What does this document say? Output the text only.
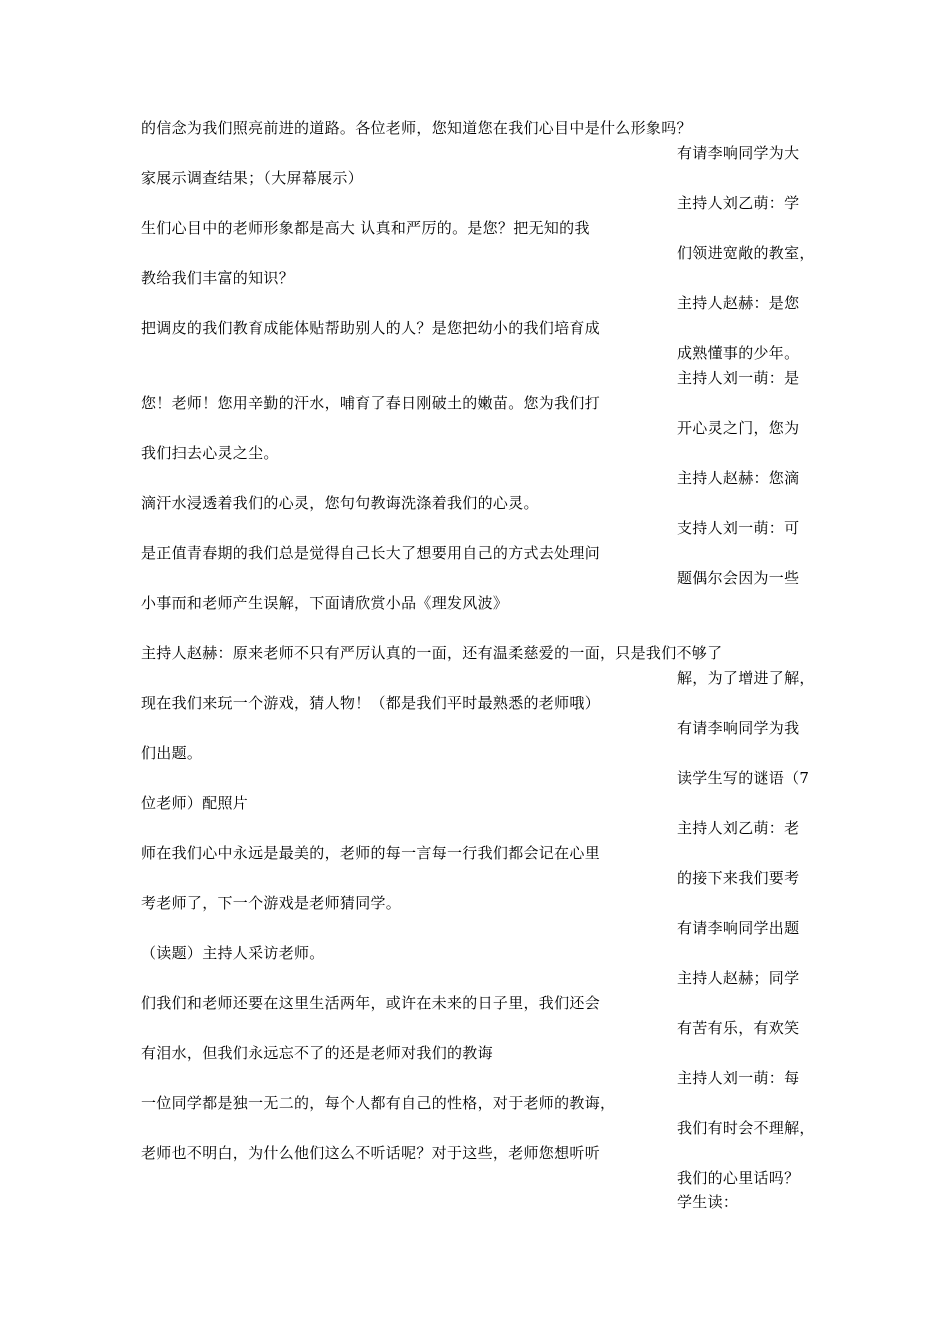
的信念为我们照亮前进的道路。各位老师，您知道您在我们心目中是什么形象吗？
有请李响同学为大
家展示调查结果；（大屏幕展示）
主持人刘乙萌：学
生们心目中的老师形象都是高大 认真和严厉的。是您？把无知的我
们领进宽敞的教室，
教给我们丰富的知识？
主持人赵赫：是您
把调皮的我们教育成能体贴帮助别人的人？是您把幼小的我们培育成
成熟懂事的少年。
主持人刘一萌：是
您！老师！您用辛勤的汗水，哺育了春日刚破土的嫩苗。您为我们打
开心灵之门，您为
我们扫去心灵之尘。
主持人赵赫：您滴
滴汗水浸透着我们的心灵，您句句教诲洗涤着我们的心灵。
支持人刘一萌：可
是正值青春期的我们总是觉得自己长大了想要用自己的方式去处理问
题偶尔会因为一些
小事而和老师产生误解，下面请欣赏小品《理发风波》
主持人赵赫：原来老师不只有严厉认真的一面，还有温柔慈爱的一面，只是我们不够了
解，为了增进了解，
现在我们来玩一个游戏，猜人物！（都是我们平时最熟悉的老师哦）
有请李响同学为我
们出题。
读学生写的谜语（7
位老师）配照片
主持人刘乙萌：老
师在我们心中永远是最美的，老师的每一言每一行我们都会记在心里
的接下来我们要考
考老师了，下一个游戏是老师猜同学。
有请李响同学出题
（读题）主持人采访老师。
主持人赵赫；同学
们我们和老师还要在这里生活两年，或许在未来的日子里，我们还会
有苦有乐，有欢笑
有泪水，但我们永远忘不了的还是老师对我们的教诲
主持人刘一萌：每
一位同学都是独一无二的，每个人都有自己的性格，对于老师的教诲，
我们有时会不理解，
老师也不明白，为什么他们这么不听话呢？对于这些，老师您想听听
我们的心里话吗？
学生读：
